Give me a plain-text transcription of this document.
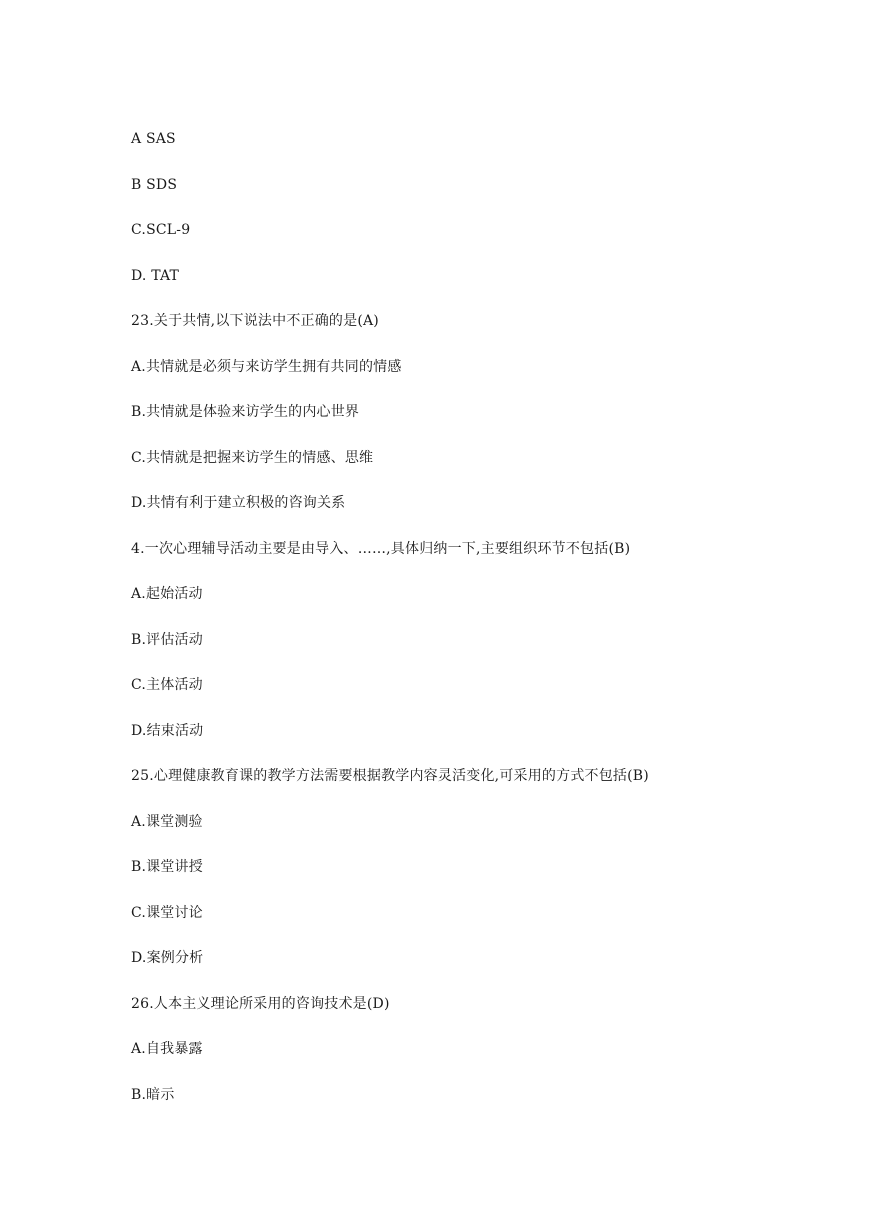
A SAS
B SDS
C.SCL-9
D. TAT
23.关于共情,以下说法中不正确的是(A)
A.共情就是必须与来访学生拥有共同的情感
B.共情就是体验来访学生的内心世界
C.共情就是把握来访学生的情感、思维
D.共情有利于建立积极的咨询关系
4.一次心理辅导活动主要是由导入、……,具体归纳一下,主要组织环节不包括(B)
A.起始活动
B.评估活动
C.主体活动
D.结束活动
25.心理健康教育课的教学方法需要根据教学内容灵活变化,可采用的方式不包括(B)
A.课堂测验
B.课堂讲授
C.课堂讨论
D.案例分析
26.人本主义理论所采用的咨询技术是(D)
A.自我暴露
B.暗示
